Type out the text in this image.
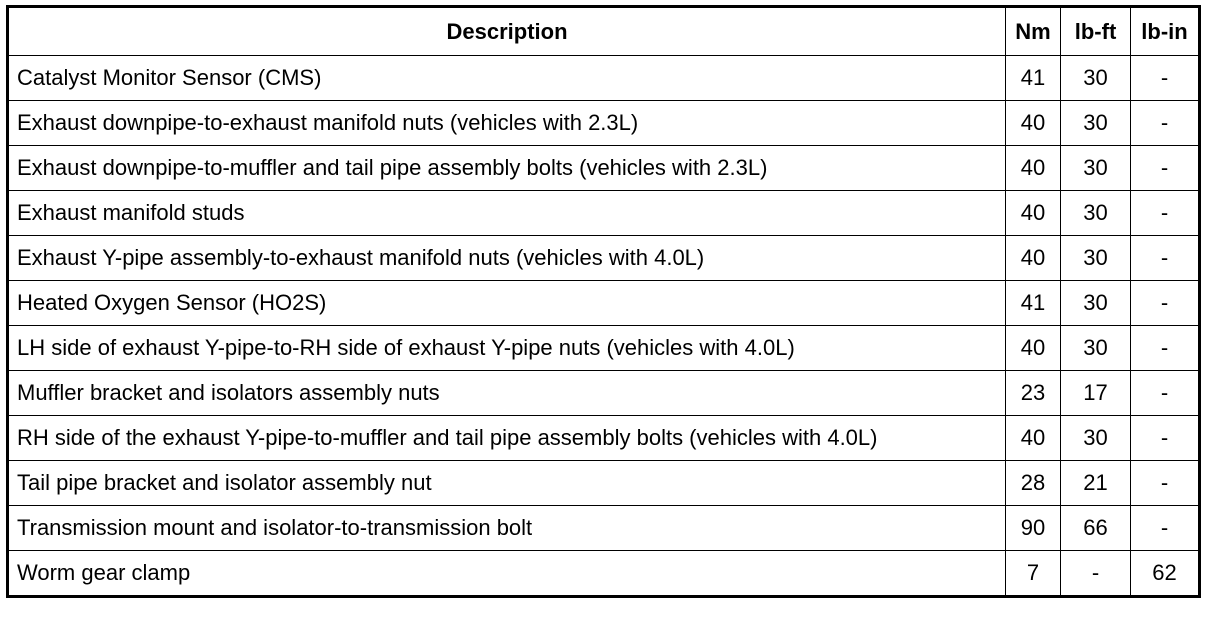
Description	Nm	lb-ft	lb-in
Catalyst Monitor Sensor (CMS)	41	30	-
Exhaust downpipe-to-exhaust manifold nuts (vehicles with 2.3L)	40	30	-
Exhaust downpipe-to-muffler and tail pipe assembly bolts (vehicles with 2.3L)	40	30	-
Exhaust manifold studs	40	30	-
Exhaust Y-pipe assembly-to-exhaust manifold nuts (vehicles with 4.0L)	40	30	-
Heated Oxygen Sensor (HO2S)	41	30	-
LH side of exhaust Y-pipe-to-RH side of exhaust Y-pipe nuts (vehicles with 4.0L)	40	30	-
Muffler bracket and isolators assembly nuts	23	17	-
RH side of the exhaust Y-pipe-to-muffler and tail pipe assembly bolts (vehicles with 4.0L)	40	30	-
Tail pipe bracket and isolator assembly nut	28	21	-
Transmission mount and isolator-to-transmission bolt	90	66	-
Worm gear clamp	7	-	62
